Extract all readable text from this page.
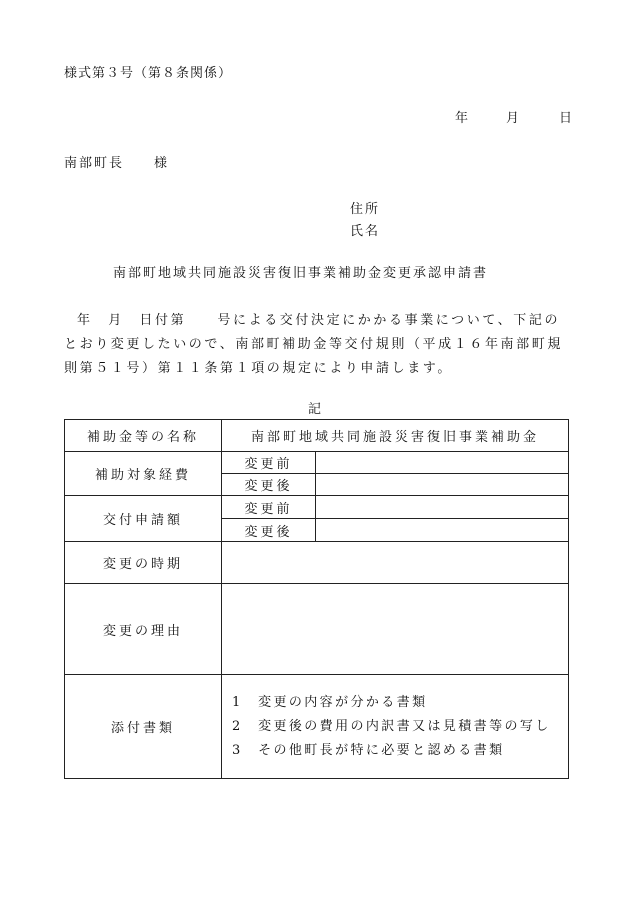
様式第３号（第８条関係）
年	月	日
南部町長　　様
住所
氏名
南部町地域共同施設災害復旧事業補助金変更承認申請書
年　月　日付第　　号による交付決定にかかる事業について、下記のとおり変更したいので、南部町補助金等交付規則（平成１６年南部町規則第５１号）第１１条第１項の規定により申請します。
記
補助金等の名称	南部町地域共同施設災害復旧事業補助金	
補助対象経費	変更前	
	変更後	
交付申請額	変更前	
	変更後	
変更の時期		
変更の理由		
添付書類	1　変更の内容が分かる書類
2　変更後の費用の内訳書又は見積書等の写し
3　その他町長が特に必要と認める書類	
